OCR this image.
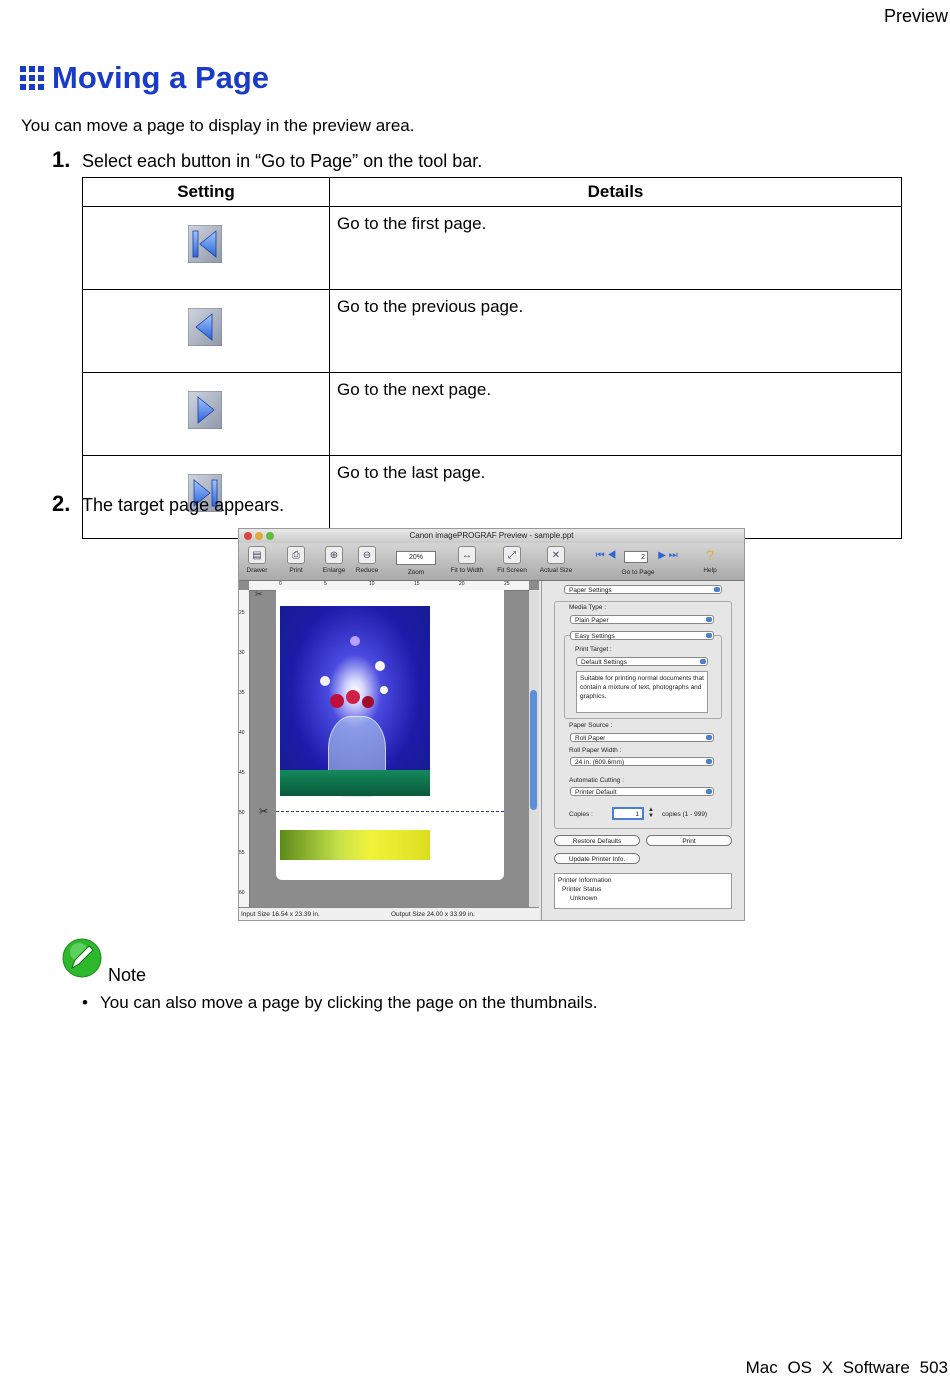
Preview
Moving a Page
You can move a page to display in the preview area.
1. Select each button in “Go to Page” on the tool bar.
Setting	Details

	Go to the first page.

	Go to the previous page.

	Go to the next page.

	Go to the last page.
2. The target page appears.
Canon imagePROGRAF Preview - sample.ppt
▤
Drawer
⎙
Print
⊕
Enlarge
⊖
Reduce
20%
Zoom
↔
Fit to Width
⤢
Fit Screen
✕
Actual Size
⏮ ◀	2	▶ ⏭
Go to Page
?
Help
0	5	10	15	20	25
25
30
35
40
45
50
55
60
✂
✂
Input Size 16.54 x 23.39 in.	Output Size 24.00 x 33.99 in.
Paper Settings
Media Type :
Plain Paper
Easy Settings
Print Target :
Default Settings
Suitable for printing normal documents that contain a mixture of text, photographs and graphics.
Paper Source :
Roll Paper
Roll Paper Width :
24 in. (609.6mm)
Automatic Cutting :
Printer Default
Copies :	1
▲
▼ copies (1 - 999)
Restore Defaults	Print
Update Printer Info.
Printer Information
Printer Status
Unknown
Note
• You can also move a page by clicking the page on the thumbnails.
Mac OS X Software 503
